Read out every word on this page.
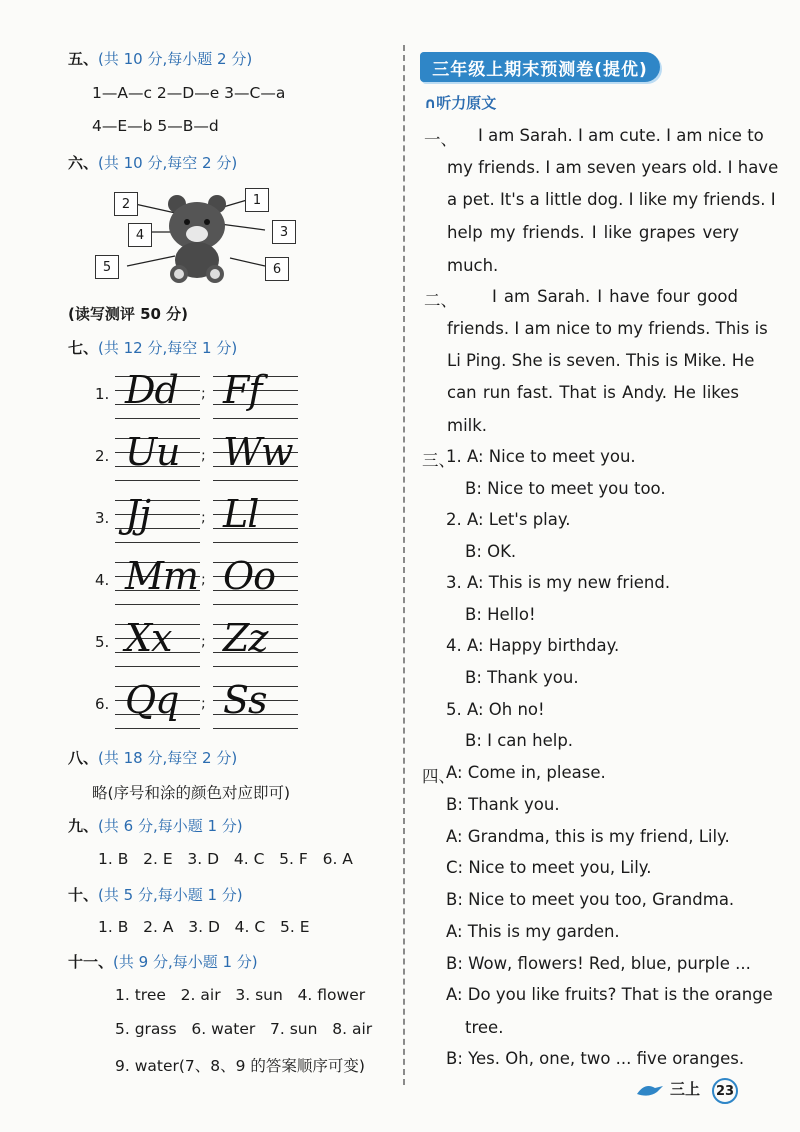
五、(共 10 分,每小题 2 分)
1—A—c 2—D—e 3—C—a
4—E—b 5—B—d
六、(共 10 分,每空 2 分)
2	1
4	3
5	6
(读写测评 50 分)
七、(共 12 分,每空 1 分)
1. Dd Ff
;
2. Uu Ww
;
3. Jj Ll
;
4. Mm Oo
;
5. Xx Zz
;
6. Qq Ss
;
八、(共 18 分,每空 2 分)
略(序号和涂的颜色对应即可)
九、(共 6 分,每小题 1 分)
1. B   2. E   3. D   4. C   5. F   6. A
十、(共 5 分,每小题 1 分)
1. B   2. A   3. D   4. C   5. E
十一、(共 9 分,每小题 1 分)
1. tree   2. air   3. sun   4. flower
5. grass   6. water   7. sun   8. air
9. water(7、8、9 的答案顺序可变)
三年级上期末预测卷(提优)
∩听力原文
一、 I am Sarah. I am cute. I am nice to
my friends. I am seven years old. I have
a pet. It's a little dog. I like my friends. I
help my friends. I like grapes very
much.
二、 I am Sarah. I have four good
friends. I am nice to my friends. This is
Li Ping. She is seven. This is Mike. He
can run fast. That is Andy. He likes
milk.
三、
1. A: Nice to meet you.
B: Nice to meet you too.
2. A: Let's play.
B: OK.
3. A: This is my new friend.
B: Hello!
4. A: Happy birthday.
B: Thank you.
5. A: Oh no!
B: I can help.
四、
A: Come in, please.
B: Thank you.
A: Grandma, this is my friend, Lily.
C: Nice to meet you, Lily.
B: Nice to meet you too, Grandma.
A: This is my garden.
B: Wow, flowers! Red, blue, purple ...
A: Do you like fruits? That is the orange
tree.
B: Yes. Oh, one, two ... five oranges.
三上	23
